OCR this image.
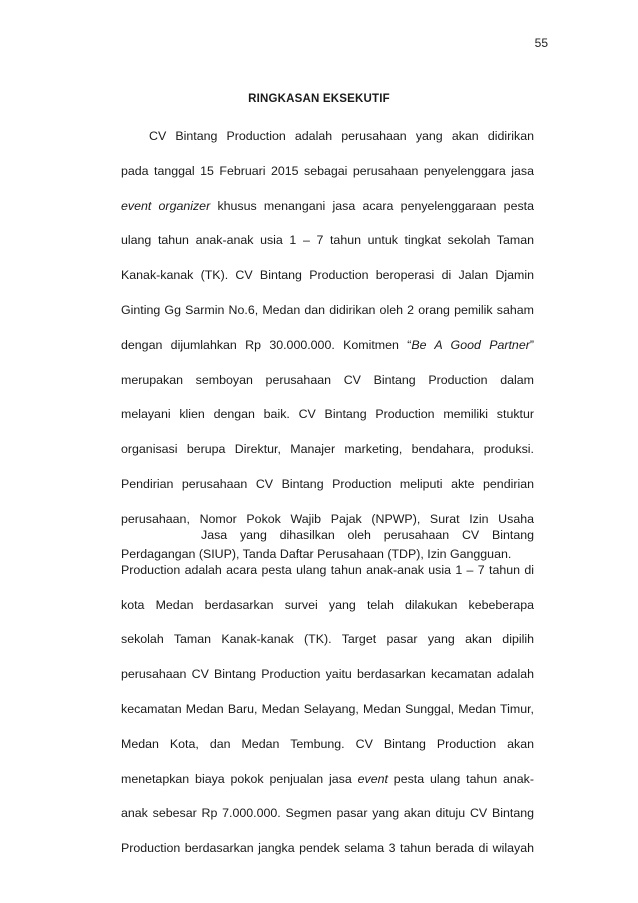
55
RINGKASAN EKSEKUTIF
CV Bintang Production adalah perusahaan yang akan didirikan
pada tanggal 15 Februari 2015 sebagai perusahaan penyelenggara jasa
event organizer khusus menangani jasa acara penyelenggaraan pesta
ulang tahun anak-anak usia 1 – 7 tahun untuk tingkat sekolah Taman
Kanak-kanak (TK). CV Bintang Production beroperasi di Jalan Djamin
Ginting Gg Sarmin No.6, Medan dan didirikan oleh 2 orang pemilik saham
dengan dijumlahkan Rp 30.000.000. Komitmen “Be A Good Partner”
merupakan semboyan perusahaan CV Bintang Production dalam
melayani klien dengan baik. CV Bintang Production memiliki stuktur
organisasi berupa Direktur, Manajer marketing, bendahara, produksi.
Pendirian perusahaan CV Bintang Production meliputi akte pendirian
perusahaan, Nomor Pokok Wajib Pajak (NPWP), Surat Izin Usaha
Perdagangan (SIUP), Tanda Daftar Perusahaan (TDP), Izin Gangguan.
Jasa yang dihasilkan oleh perusahaan CV Bintang
Production adalah acara pesta ulang tahun anak-anak usia 1 – 7 tahun di
kota Medan berdasarkan survei yang telah dilakukan kebeberapa
sekolah Taman Kanak-kanak (TK). Target pasar yang akan dipilih
perusahaan CV Bintang Production yaitu berdasarkan kecamatan adalah
kecamatan Medan Baru, Medan Selayang, Medan Sunggal, Medan Timur,
Medan Kota, dan Medan Tembung. CV Bintang Production akan
menetapkan biaya pokok penjualan jasa event pesta ulang tahun anak-
anak sebesar Rp 7.000.000. Segmen pasar yang akan dituju CV Bintang
Production berdasarkan jangka pendek selama 3 tahun berada di wilayah
